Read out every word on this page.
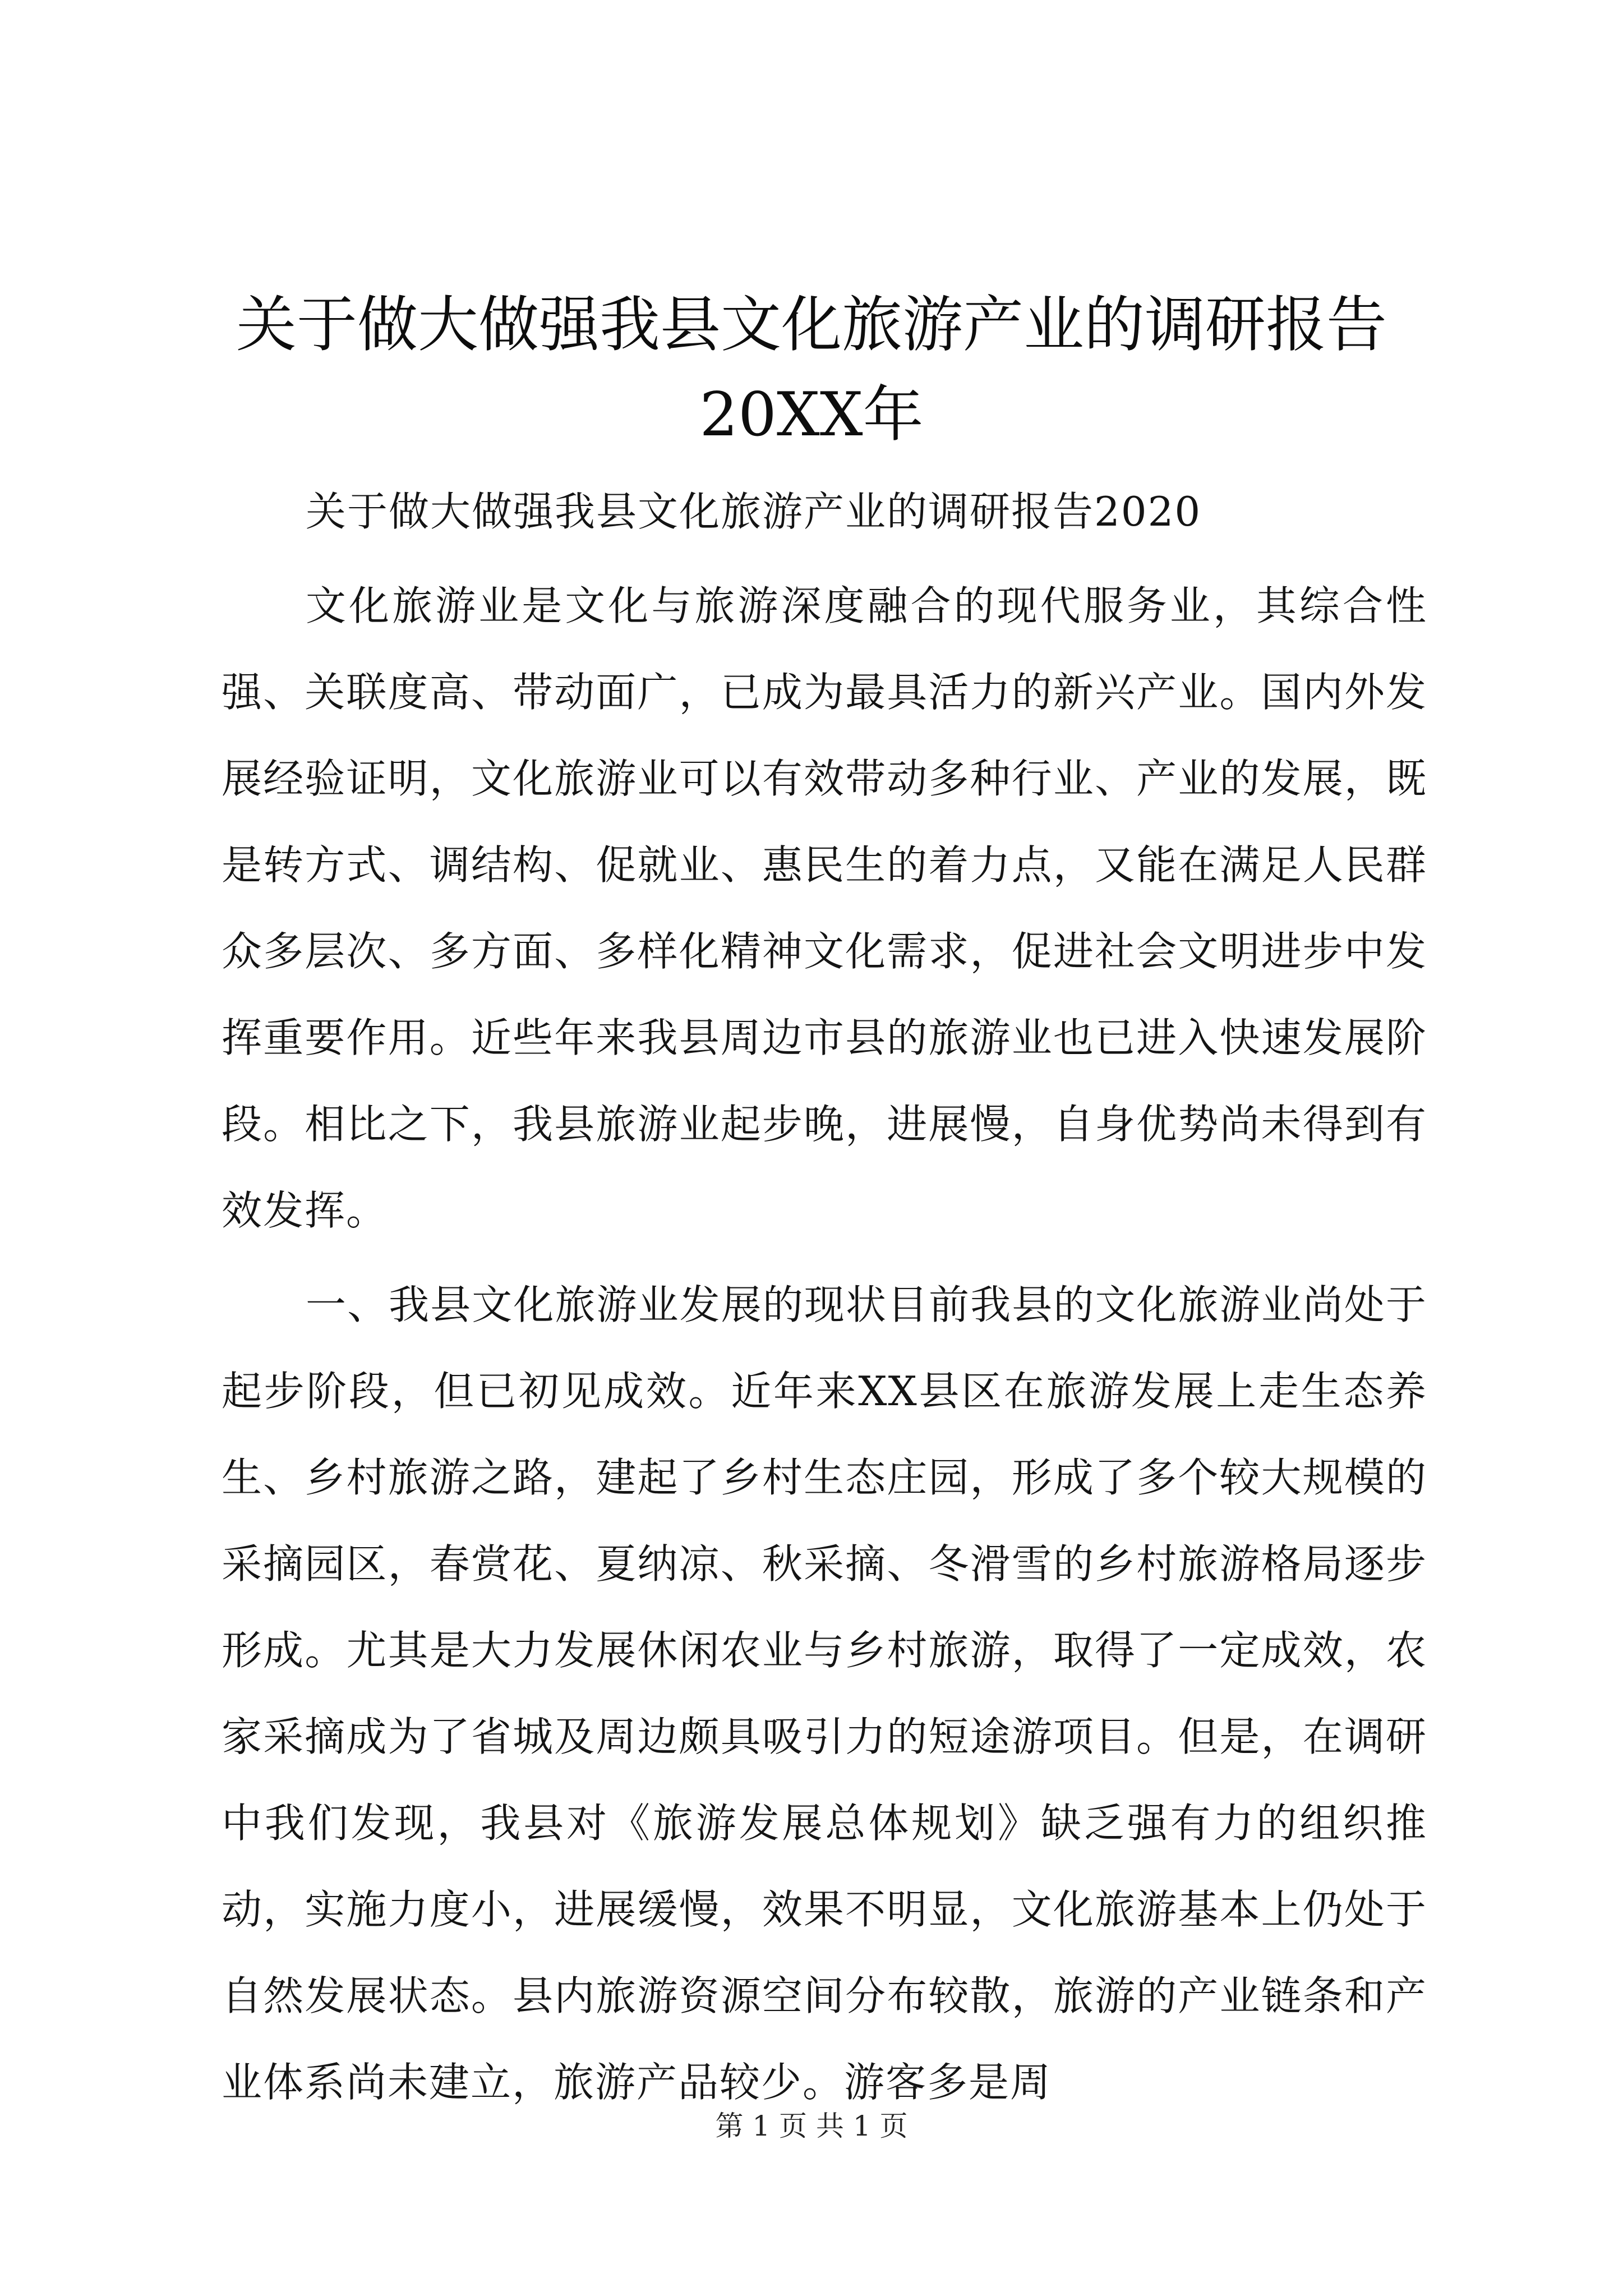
关于做大做强我县文化旅游产业的调研报告
20XX年

关于做大做强我县文化旅游产业的调研报告2020

文化旅游业是文化与旅游深度融合的现代服务业，其综合性强、关联度高、带动面广，已成为最具活力的新兴产业。国内外发展经验证明，文化旅游业可以有效带动多种行业、产业的发展，既是转方式、调结构、促就业、惠民生的着力点，又能在满足人民群众多层次、多方面、多样化精神文化需求，促进社会文明进步中发挥重要作用。近些年来我县周边市县的旅游业也已进入快速发展阶段。相比之下，我县旅游业起步晚，进展慢，自身优势尚未得到有效发挥。

一、我县文化旅游业发展的现状目前我县的文化旅游业尚处于起步阶段，但已初见成效。近年来XX县区在旅游发展上走生态养生、乡村旅游之路，建起了乡村生态庄园，形成了多个较大规模的采摘园区，春赏花、夏纳凉、秋采摘、冬滑雪的乡村旅游格局逐步形成。尤其是大力发展休闲农业与乡村旅游，取得了一定成效，农家采摘成为了省城及周边颇具吸引力的短途游项目。但是，在调研中我们发现，我县对《旅游发展总体规划》缺乏强有力的组织推动，实施力度小，进展缓慢，效果不明显，文化旅游基本上仍处于自然发展状态。县内旅游资源空间分布较散，旅游的产业链条和产业体系尚未建立，旅游产品较少。游客多是周

第 1 页 共 1 页
